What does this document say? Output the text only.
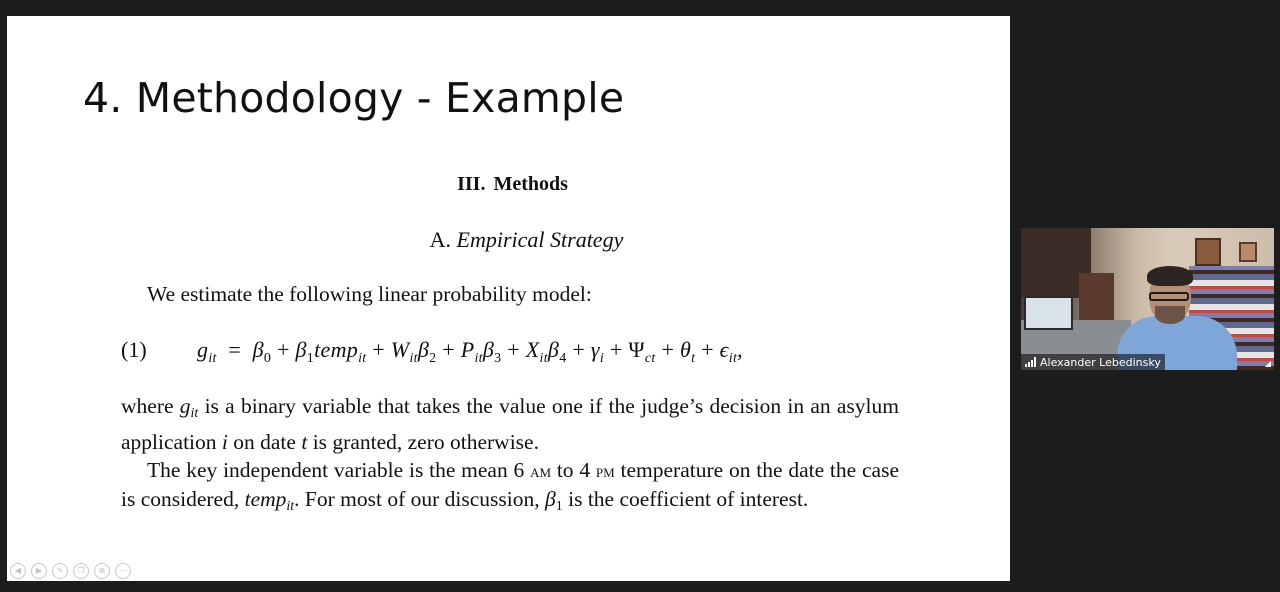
4. Methodology - Example
III. Methods
A. Empirical Strategy
We estimate the following linear probability model:
(1) $g_{it} = \beta_0$ + $\beta_1temp_{it} + W_{it}\beta_2 + P_{it}\beta_3 + X_{it}\beta_4 + \gamma_i + \Psi_{ct} + \theta_t + \epsilon_{it}$,

where $g_{it}$ is a binary variable that takes the value one if the judge’s decision in an asylum application i on date t is granted, zero otherwise.

The key independent variable is the mean 6 am to 4 pm temperature on the date the case is considered, temp$_{it}$. For most of our discussion, $\beta_1$ is the coefficient of interest.

◀	▶	✎	❐	⊕	⋯
Alexander Lebedinsky
